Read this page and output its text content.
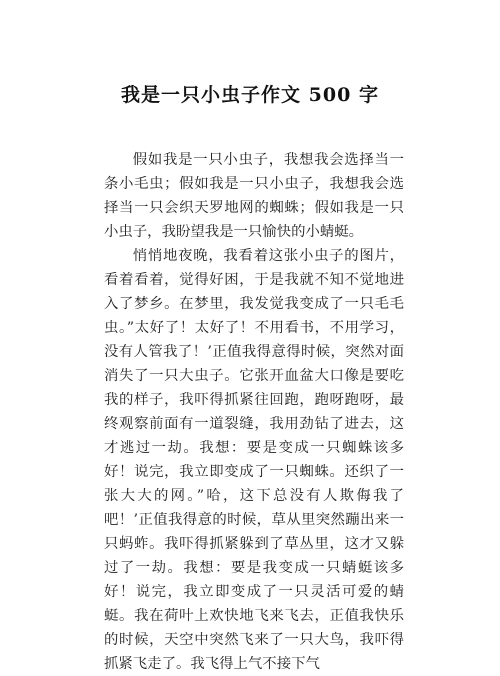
我是一只小虫子作文 500 字

假如我是一只小虫子，我想我会选择当一条小毛虫；假如我是一只小虫子，我想我会选择当一只会织天罗地网的蜘蛛；假如我是一只小虫子，我盼望我是一只愉快的小蜻蜓。

悄悄地夜晚，我看着这张小虫子的图片，看着看着，觉得好困，于是我就不知不觉地进入了梦乡。在梦里，我发觉我变成了一只毛毛虫。”太好了！太好了！不用看书，不用学习，没有人管我了！’正值我得意得时候，突然对面消失了一只大虫子。它张开血盆大口像是要吃我的样子，我吓得抓紧往回跑，跑呀跑呀，最终观察前面有一道裂缝，我用劲钻了进去，这才逃过一劫。我想：要是变成一只蜘蛛该多好！说完，我立即变成了一只蜘蛛。还织了一张大大的网。”哈，这下总没有人欺侮我了吧！’正值我得意的时候，草从里突然蹦出来一只蚂蚱。我吓得抓紧躲到了草丛里，这才又躲过了一劫。我想：要是我变成一只蜻蜓该多好！说完，我立即变成了一只灵活可爱的蜻蜓。我在荷叶上欢快地飞来飞去，正值我快乐的时候，天空中突然飞来了一只大鸟，我吓得抓紧飞走了。我飞得上气不接下气
